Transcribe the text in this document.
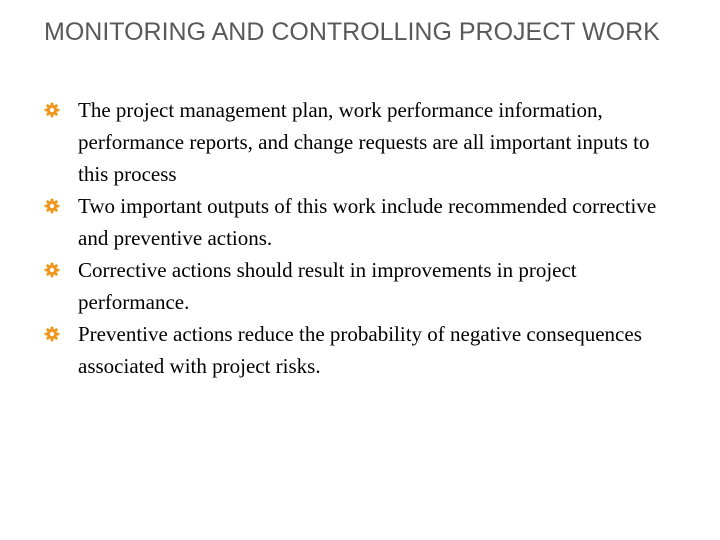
MONITORING AND CONTROLLING PROJECT WORK
The project management plan, work performance information, performance reports, and change requests are all important inputs to this process
Two important outputs of this work include recommended corrective and preventive actions.
Corrective actions should result in improvements in project performance.
Preventive actions reduce the probability of negative consequences associated with project risks.
